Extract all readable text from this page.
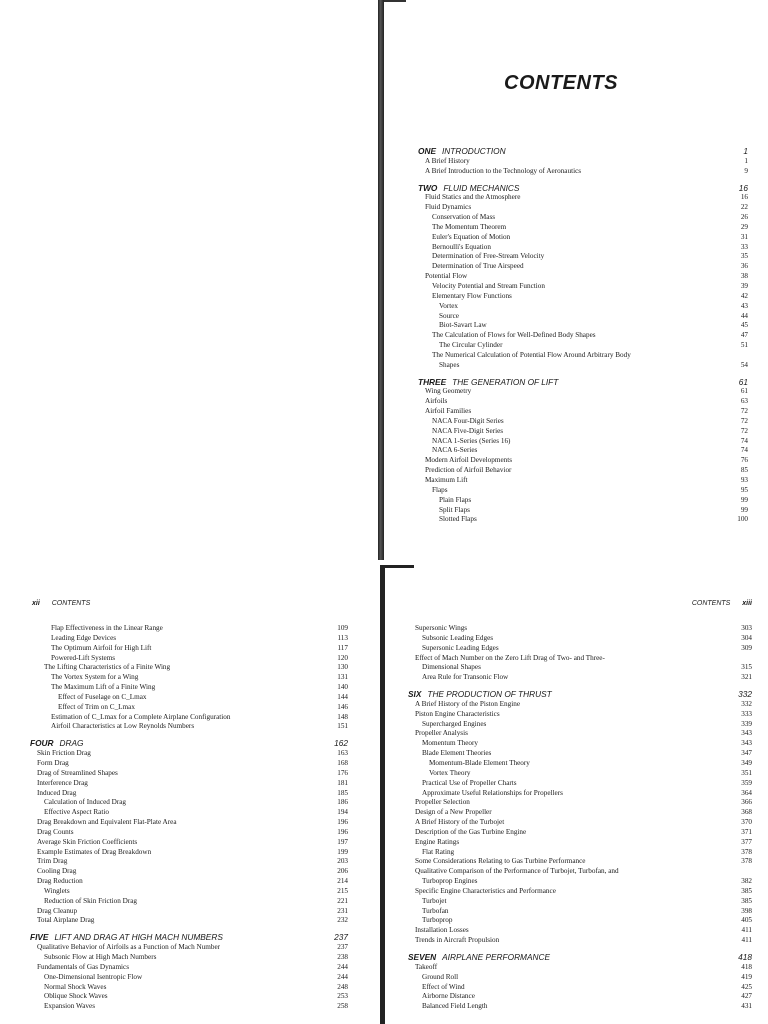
CONTENTS
ONE INTRODUCTION	1
A Brief History	1
A Brief Introduction to the Technology of Aeronautics	9
TWO FLUID MECHANICS	16
Fluid Statics and the Atmosphere	16
Fluid Dynamics	22
Conservation of Mass	26
The Momentum Theorem	29
Euler's Equation of Motion	31
Bernoulli's Equation	33
Determination of Free-Stream Velocity	35
Determination of True Airspeed	36
Potential Flow	38
Velocity Potential and Stream Function	39
Elementary Flow Functions	42
Vortex	43
Source	44
Biot-Savart Law	45
The Calculation of Flows for Well-Defined Body Shapes	47
The Circular Cylinder	51
The Numerical Calculation of Potential Flow Around Arbitrary Body
Shapes	54
THREE THE GENERATION OF LIFT	61
Wing Geometry	61
Airfoils	63
Airfoil Families	72
NACA Four-Digit Series	72
NACA Five-Digit Series	72
NACA 1-Series (Series 16)	74
NACA 6-Series	74
Modern Airfoil Developments	76
Prediction of Airfoil Behavior	85
Maximum Lift	93
Flaps	95
Plain Flaps	99
Split Flaps	99
Slotted Flaps	100
xii CONTENTS
Flap Effectiveness in the Linear Range	109
Leading Edge Devices	113
The Optimum Airfoil for High Lift	117
Powered-Lift Systems	120
The Lifting Characteristics of a Finite Wing	130
The Vortex System for a Wing	131
The Maximum Lift of a Finite Wing	140
Effect of Fuselage on C_Lmax	144
Effect of Trim on C_Lmax	146
Estimation of C_Lmax for a Complete Airplane Configuration	148
Airfoil Characteristics at Low Reynolds Numbers	151
FOUR DRAG	162
Skin Friction Drag	163
Form Drag	168
Drag of Streamlined Shapes	176
Interference Drag	181
Induced Drag	185
Calculation of Induced Drag	186
Effective Aspect Ratio	194
Drag Breakdown and Equivalent Flat-Plate Area	196
Drag Counts	196
Average Skin Friction Coefficients	197
Example Estimates of Drag Breakdown	199
Trim Drag	203
Cooling Drag	206
Drag Reduction	214
Winglets	215
Reduction of Skin Friction Drag	221
Drag Cleanup	231
Total Airplane Drag	232
FIVE LIFT AND DRAG AT HIGH MACH NUMBERS	237
Qualitative Behavior of Airfoils as a Function of Mach Number	237
Subsonic Flow at High Mach Numbers	238
Fundamentals of Gas Dynamics	244
One-Dimensional Isentropic Flow	244
Normal Shock Waves	248
Oblique Shock Waves	253
Expansion Waves	258
CONTENTS xiii
Supersonic Wings	303
Subsonic Leading Edges	304
Supersonic Leading Edges	309
Effect of Mach Number on the Zero Lift Drag of Two- and Three-
Dimensional Shapes	315
Area Rule for Transonic Flow	321
SIX THE PRODUCTION OF THRUST	332
A Brief History of the Piston Engine	332
Piston Engine Characteristics	333
Supercharged Engines	339
Propeller Analysis	343
Momentum Theory	343
Blade Element Theories	347
Momentum-Blade Element Theory	349
Vortex Theory	351
Practical Use of Propeller Charts	359
Approximate Useful Relationships for Propellers	364
Propeller Selection	366
Design of a New Propeller	368
A Brief History of the Turbojet	370
Description of the Gas Turbine Engine	371
Engine Ratings	377
Flat Rating	378
Some Considerations Relating to Gas Turbine Performance	378
Qualitative Comparison of the Performance of Turbojet, Turbofan, and
Turboprop Engines	382
Specific Engine Characteristics and Performance	385
Turbojet	385
Turbofan	398
Turboprop	405
Installation Losses	411
Trends in Aircraft Propulsion	411
SEVEN AIRPLANE PERFORMANCE	418
Takeoff	418
Ground Roll	419
Effect of Wind	425
Airborne Distance	427
Balanced Field Length	431
